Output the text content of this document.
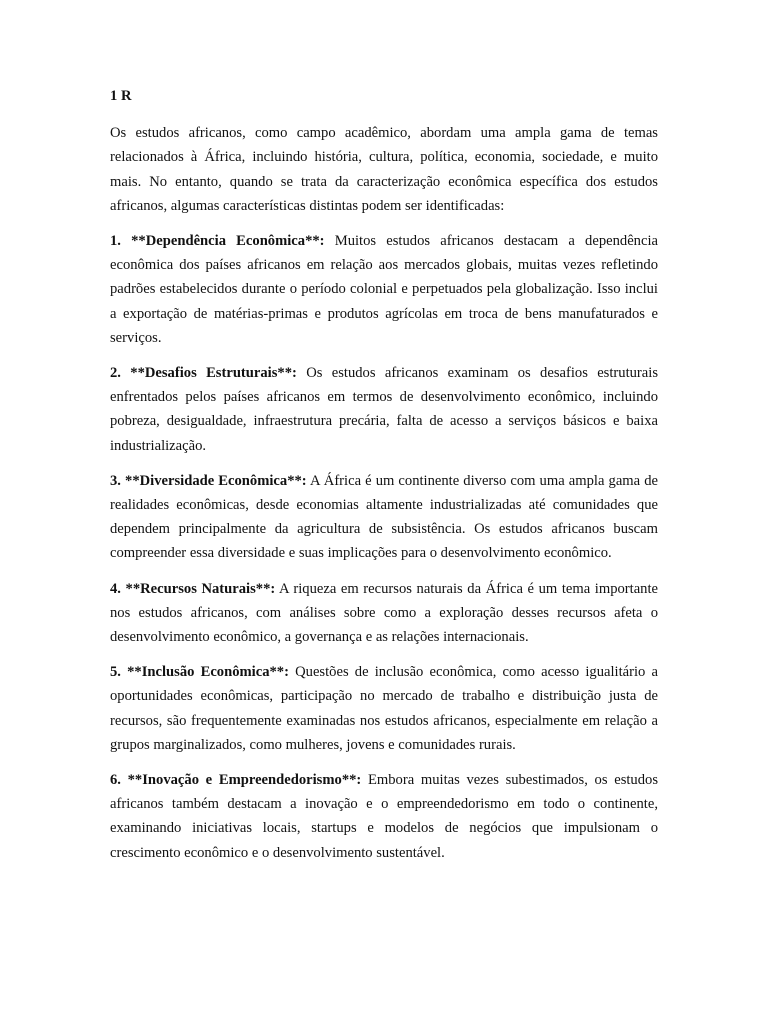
1 R

Os estudos africanos, como campo acadêmico, abordam uma ampla gama de temas relacionados à África, incluindo história, cultura, política, economia, sociedade, e muito mais. No entanto, quando se trata da caracterização econômica específica dos estudos africanos, algumas características distintas podem ser identificadas:

1. **Dependência Econômica**: Muitos estudos africanos destacam a dependência econômica dos países africanos em relação aos mercados globais, muitas vezes refletindo padrões estabelecidos durante o período colonial e perpetuados pela globalização. Isso inclui a exportação de matérias-primas e produtos agrícolas em troca de bens manufaturados e serviços.

2. **Desafios Estruturais**: Os estudos africanos examinam os desafios estruturais enfrentados pelos países africanos em termos de desenvolvimento econômico, incluindo pobreza, desigualdade, infraestrutura precária, falta de acesso a serviços básicos e baixa industrialização.

3. **Diversidade Econômica**: A África é um continente diverso com uma ampla gama de realidades econômicas, desde economias altamente industrializadas até comunidades que dependem principalmente da agricultura de subsistência. Os estudos africanos buscam compreender essa diversidade e suas implicações para o desenvolvimento econômico.

4. **Recursos Naturais**: A riqueza em recursos naturais da África é um tema importante nos estudos africanos, com análises sobre como a exploração desses recursos afeta o desenvolvimento econômico, a governança e as relações internacionais.

5. **Inclusão Econômica**: Questões de inclusão econômica, como acesso igualitário a oportunidades econômicas, participação no mercado de trabalho e distribuição justa de recursos, são frequentemente examinadas nos estudos africanos, especialmente em relação a grupos marginalizados, como mulheres, jovens e comunidades rurais.

6. **Inovação e Empreendedorismo**: Embora muitas vezes subestimados, os estudos africanos também destacam a inovação e o empreendedorismo em todo o continente, examinando iniciativas locais, startups e modelos de negócios que impulsionam o crescimento econômico e o desenvolvimento sustentável.
